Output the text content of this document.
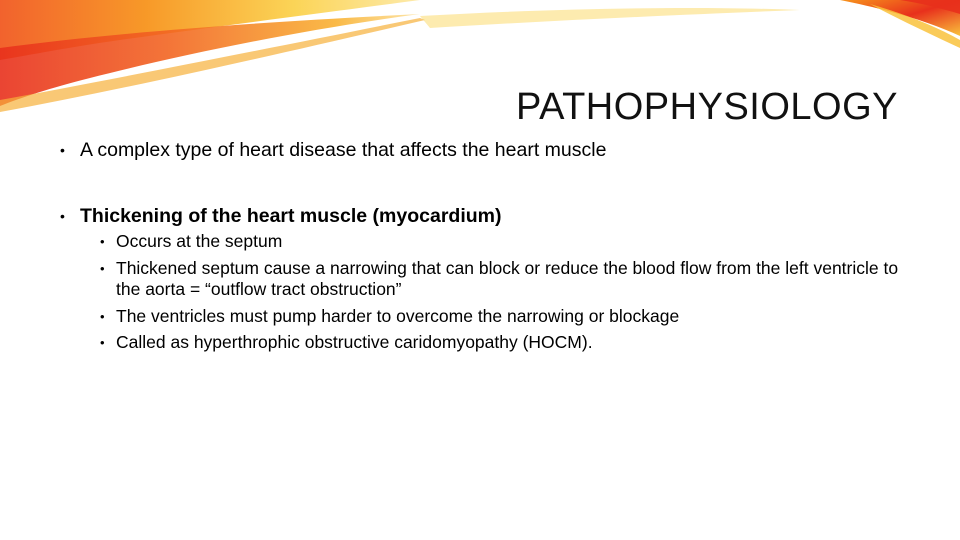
PATHOPHYSIOLOGY
• A complex type of heart disease that affects the heart muscle
• Thickening of the heart muscle (myocardium)
• Occurs at the septum
• Thickened septum cause a narrowing that can block or reduce the blood flow from the left ventricle to the aorta = “outflow tract obstruction”
• The ventricles must pump harder to overcome the narrowing or blockage
• Called as hyperthrophic obstructive caridomyopathy (HOCM).
